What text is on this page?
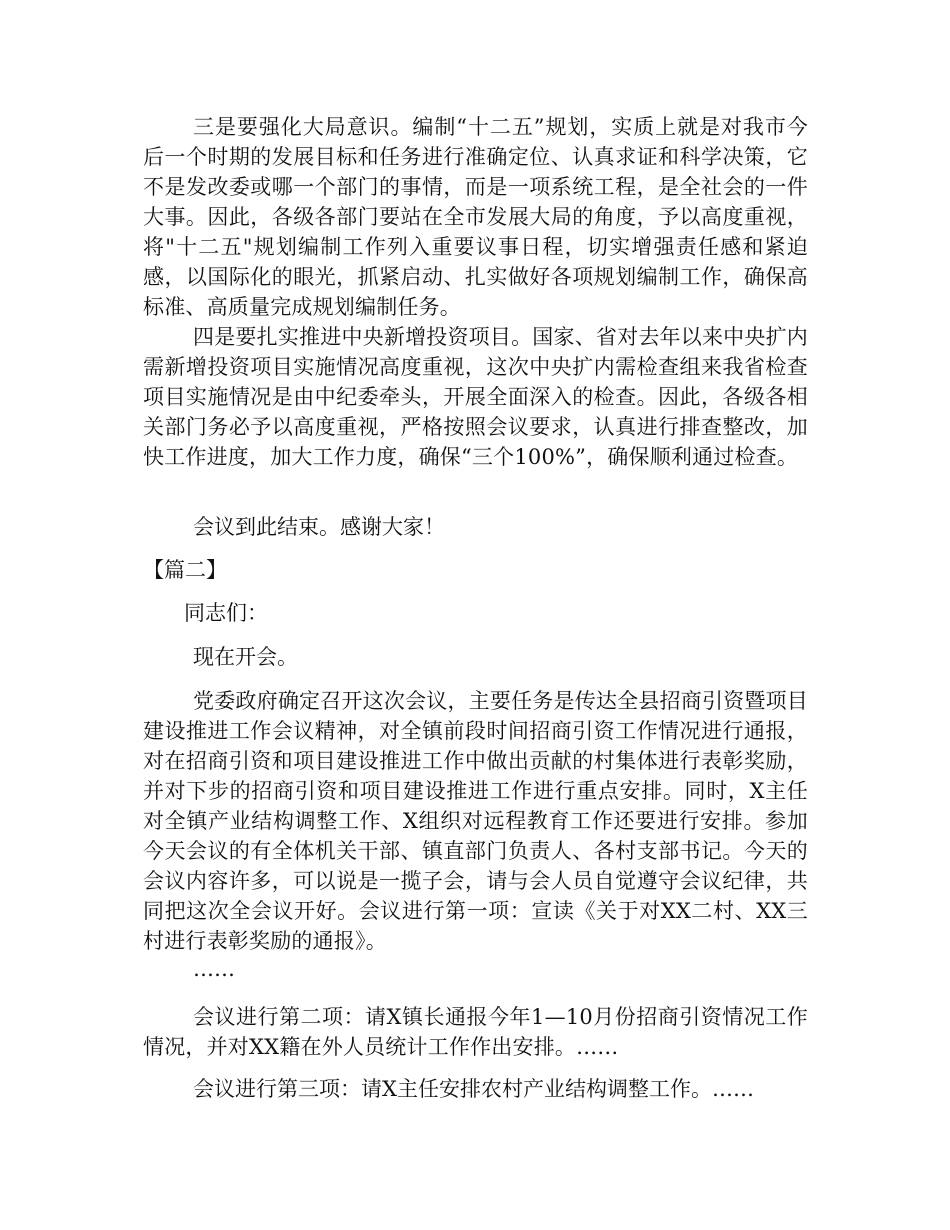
三是要强化大局意识。编制“十二五”规划，实质上就是对我市今后一个时期的发展目标和任务进行准确定位、认真求证和科学决策，它不是发改委或哪一个部门的事情，而是一项系统工程，是全社会的一件大事。因此，各级各部门要站在全市发展大局的角度，予以高度重视，将"十二五"规划编制工作列入重要议事日程，切实增强责任感和紧迫感，以国际化的眼光，抓紧启动、扎实做好各项规划编制工作，确保高标准、高质量完成规划编制任务。

四是要扎实推进中央新增投资项目。国家、省对去年以来中央扩内需新增投资项目实施情况高度重视，这次中央扩内需检查组来我省检查项目实施情况是由中纪委牵头，开展全面深入的检查。因此，各级各相关部门务必予以高度重视，严格按照会议要求，认真进行排查整改，加快工作进度，加大工作力度，确保“三个100%”，确保顺利通过检查。

会议到此结束。感谢大家！

【篇二】

同志们：

现在开会。

党委政府确定召开这次会议，主要任务是传达全县招商引资暨项目建设推进工作会议精神，对全镇前段时间招商引资工作情况进行通报，对在招商引资和项目建设推进工作中做出贡献的村集体进行表彰奖励，并对下步的招商引资和项目建设推进工作进行重点安排。同时，X主任对全镇产业结构调整工作、X组织对远程教育工作还要进行安排。参加今天会议的有全体机关干部、镇直部门负责人、各村支部书记。今天的会议内容许多，可以说是一揽子会，请与会人员自觉遵守会议纪律，共同把这次全会议开好。会议进行第一项：宣读《关于对XX二村、XX三村进行表彰奖励的通报》。

……

会议进行第二项：请X镇长通报今年1—10月份招商引资情况工作情况，并对XX籍在外人员统计工作作出安排。……

会议进行第三项：请X主任安排农村产业结构调整工作。……
